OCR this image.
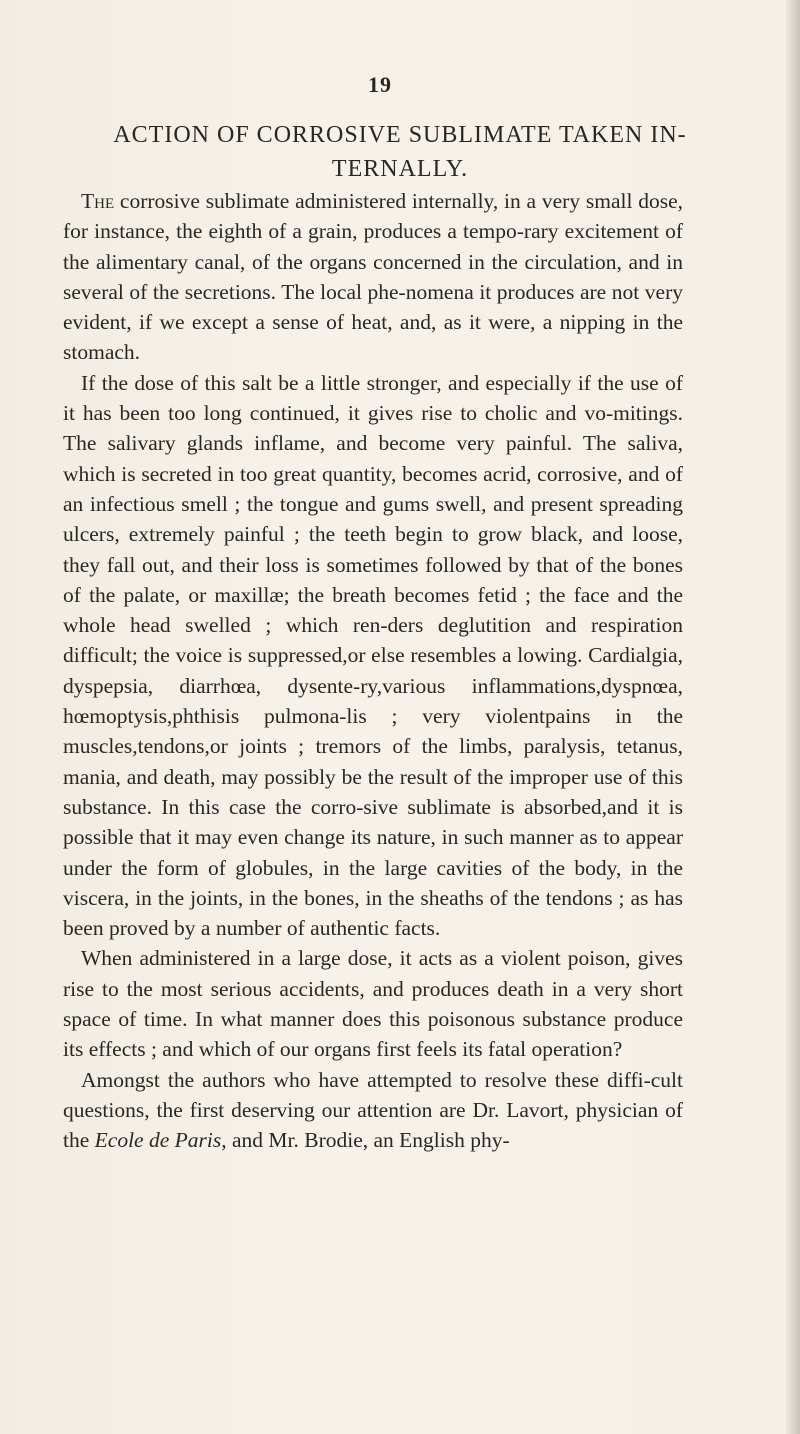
19
ACTION OF CORROSIVE SUBLIMATE TAKEN IN-TERNALLY.

The corrosive sublimate administered internally, in a very small dose, for instance, the eighth of a grain, produces a tempo-rary excitement of the alimentary canal, of the organs concerned in the circulation, and in several of the secretions. The local phe-nomena it produces are not very evident, if we except a sense of heat, and, as it were, a nipping in the stomach.

If the dose of this salt be a little stronger, and especially if the use of it has been too long continued, it gives rise to cholic and vo-mitings. The salivary glands inflame, and become very painful. The saliva, which is secreted in too great quantity, becomes acrid, corrosive, and of an infectious smell ; the tongue and gums swell, and present spreading ulcers, extremely painful ; the teeth begin to grow black, and loose, they fall out, and their loss is sometimes followed by that of the bones of the palate, or maxillæ; the breath becomes fetid ; the face and the whole head swelled ; which ren-ders deglutition and respiration difficult; the voice is suppressed,or else resembles a lowing. Cardialgia, dyspepsia, diarrhœa, dysente-ry,various inflammations,dyspnœa, hœmoptysis,phthisis pulmona-lis ; very violentpains in the muscles,tendons,or joints ; tremors of the limbs, paralysis, tetanus, mania, and death, may possibly be the result of the improper use of this substance. In this case the corro-sive sublimate is absorbed,and it is possible that it may even change its nature, in such manner as to appear under the form of globules, in the large cavities of the body, in the viscera, in the joints, in the bones, in the sheaths of the tendons ; as has been proved by a number of authentic facts.

When administered in a large dose, it acts as a violent poison, gives rise to the most serious accidents, and produces death in a very short space of time. In what manner does this poisonous substance produce its effects ; and which of our organs first feels its fatal operation?

Amongst the authors who have attempted to resolve these diffi-cult questions, the first deserving our attention are Dr. Lavort, physician of the Ecole de Paris, and Mr. Brodie, an English phy-
